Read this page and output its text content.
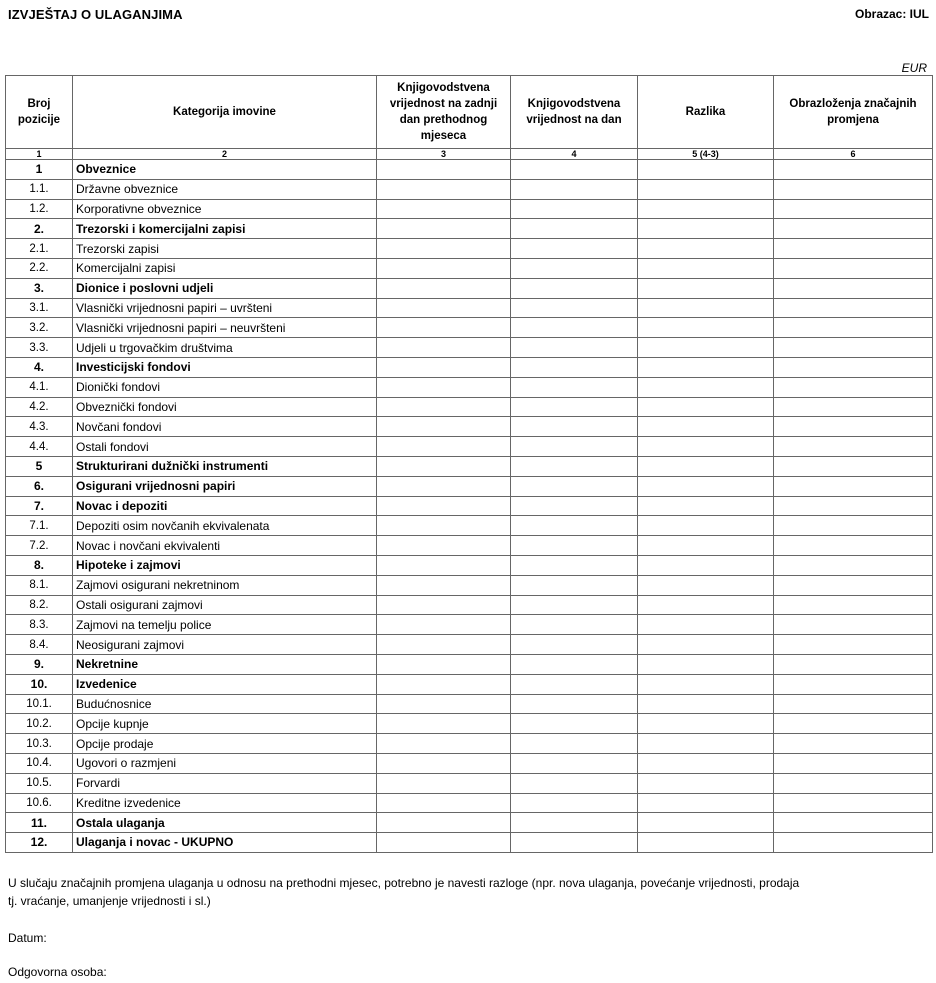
IZVJEŠTAJ O ULAGANJIMA	Obrazac: IUL
EUR
Broj pozicije	Kategorija imovine	Knjigovodstvena vrijednost na zadnji dan prethodnog mjeseca	Knjigovodstvena vrijednost na dan	Razlika	Obrazloženja značajnih promjena
1	2	3	4	5 (4-3)	6
1	Obveznice				
1.1.	Državne obveznice				
1.2.	Korporativne obveznice				
2.	Trezorski i komercijalni zapisi				
2.1.	Trezorski zapisi				
2.2.	Komercijalni zapisi				
3.	Dionice i poslovni udjeli				
3.1.	Vlasnički vrijednosni papiri – uvršteni				
3.2.	Vlasnički vrijednosni papiri – neuvršteni				
3.3.	Udjeli u trgovačkim društvima				
4.	Investicijski fondovi				
4.1.	Dionički fondovi				
4.2.	Obveznički fondovi				
4.3.	Novčani fondovi				
4.4.	Ostali fondovi				
5	Strukturirani dužnički instrumenti				
6.	Osigurani vrijednosni papiri				
7.	Novac i depoziti				
7.1.	Depoziti osim novčanih ekvivalenata				
7.2.	Novac i novčani ekvivalenti				
8.	Hipoteke i zajmovi				
8.1.	Zajmovi osigurani nekretninom				
8.2.	Ostali osigurani zajmovi				
8.3.	Zajmovi na temelju police				
8.4.	Neosigurani zajmovi				
9.	Nekretnine				
10.	Izvedenice				
10.1.	Budućnosnice				
10.2.	Opcije kupnje				
10.3.	Opcije prodaje				
10.4.	Ugovori o razmjeni				
10.5.	Forvardi				
10.6.	Kreditne izvedenice				
11.	Ostala ulaganja				
12.	Ulaganja i novac - UKUPNO				
U slučaju značajnih promjena ulaganja u odnosu na prethodni mjesec, potrebno je navesti razloge (npr. nova ulaganja, povećanje vrijednosti, prodaja tj. vraćanje, umanjenje vrijednosti i sl.)
Datum:
Odgovorna osoba:
